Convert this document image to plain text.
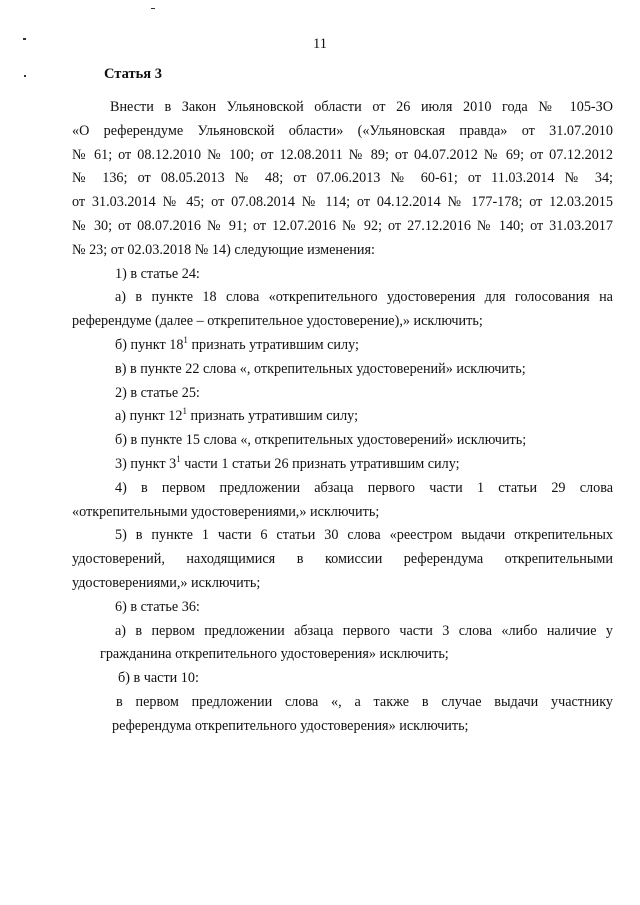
11
Статья 3
Внести в Закон Ульяновской области от 26 июля 2010 года № 105-ЗО
«О референдуме Ульяновской области» («Ульяновская правда» от 31.07.2010
№ 61; от 08.12.2010 № 100; от 12.08.2011 № 89; от 04.07.2012 № 69; от 07.12.2012
№ 136; от 08.05.2013 № 48; от 07.06.2013 № 60-61; от 11.03.2014 № 34;
от 31.03.2014 № 45; от 07.08.2014 № 114; от 04.12.2014 № 177-178; от 12.03.2015
№ 30; от 08.07.2016 № 91; от 12.07.2016 № 92; от 27.12.2016 № 140; от 31.03.2017
№ 23; от 02.03.2018 № 14) следующие изменения:
1) в статье 24:
а) в пункте 18 слова «открепительного удостоверения для голосования на
референдуме (далее – открепительное удостоверение),» исключить;
б) пункт $18^1$ признать утратившим силу;
в) в пункте 22 слова «, открепительных удостоверений» исключить;
2) в статье 25:
а) пункт $12^1$ признать утратившим силу;
б) в пункте 15 слова «, открепительных удостоверений» исключить;
3) пункт $3^1$ части 1 статьи 26 признать утратившим силу;
4) в первом предложении абзаца первого части 1 статьи 29 слова
«открепительными удостоверениями,» исключить;
5) в пункте 1 части 6 статьи 30 слова «реестром выдачи открепительных
удостоверений, находящимися в комиссии референдума открепительными
удостоверениями,» исключить;
6) в статье 36:
а) в первом предложении абзаца первого части 3 слова «либо наличие у
гражданина открепительного удостоверения» исключить;
б) в части 10:
в первом предложении слова «, а также в случае выдачи участнику
референдума открепительного удостоверения» исключить;
